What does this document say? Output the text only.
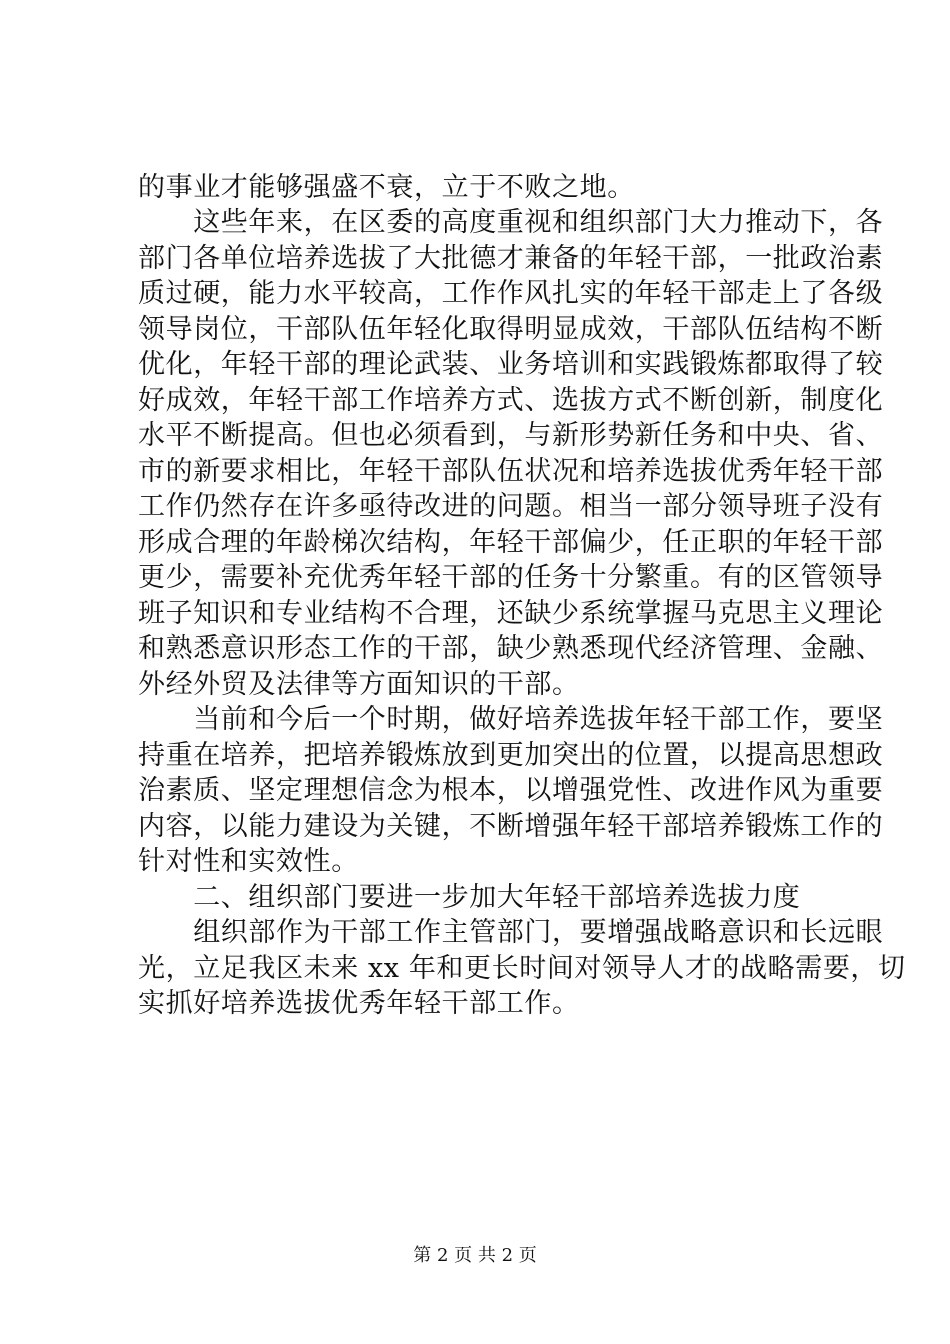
的事业才能够强盛不衰，立于不败之地。
　　这些年来，在区委的高度重视和组织部门大力推动下，各
部门各单位培养选拔了大批德才兼备的年轻干部，一批政治素
质过硬，能力水平较高，工作作风扎实的年轻干部走上了各级
领导岗位，干部队伍年轻化取得明显成效，干部队伍结构不断
优化，年轻干部的理论武装、业务培训和实践锻炼都取得了较
好成效，年轻干部工作培养方式、选拔方式不断创新，制度化
水平不断提高。但也必须看到，与新形势新任务和中央、省、
市的新要求相比，年轻干部队伍状况和培养选拔优秀年轻干部
工作仍然存在许多亟待改进的问题。相当一部分领导班子没有
形成合理的年龄梯次结构，年轻干部偏少，任正职的年轻干部
更少，需要补充优秀年轻干部的任务十分繁重。有的区管领导
班子知识和专业结构不合理，还缺少系统掌握马克思主义理论
和熟悉意识形态工作的干部，缺少熟悉现代经济管理、金融、
外经外贸及法律等方面知识的干部。
　　当前和今后一个时期，做好培养选拔年轻干部工作，要坚
持重在培养，把培养锻炼放到更加突出的位置，以提高思想政
治素质、坚定理想信念为根本，以增强党性、改进作风为重要
内容，以能力建设为关键，不断增强年轻干部培养锻炼工作的
针对性和实效性。
　　二、组织部门要进一步加大年轻干部培养选拔力度
　　组织部作为干部工作主管部门，要增强战略意识和长远眼
光，立足我区未来 xx 年和更长时间对领导人才的战略需要，切
实抓好培养选拔优秀年轻干部工作。
第 2 页 共 2 页
